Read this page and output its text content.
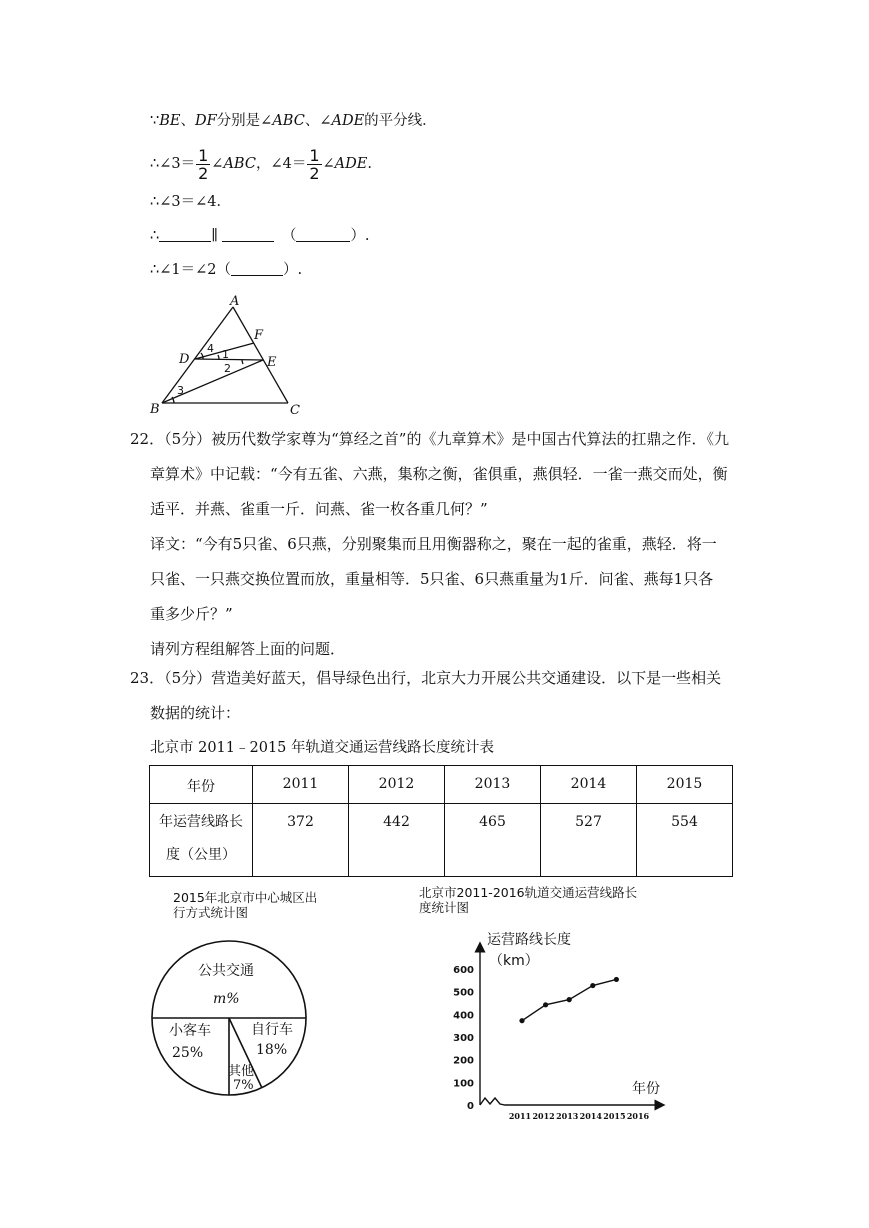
∵BE、DF分别是∠ABC、∠ADE的平分线．
∴∠3＝ $\frac{1}{2}$ ∠ABC，∠4＝ $\frac{1}{2}$ ∠ADE.
∴∠3＝∠4．
∴	∥	（	）.
∴∠1＝∠2（	）.
A
D
F
E
B	C
4 1
2
3
22．（5分）被历代数学家尊为“算经之首”的《九章算术》是中国古代算法的扛鼎之作．《九
章算术》中记载：“今有五雀、六燕，集称之衡，雀俱重，燕俱轻．一雀一燕交而处，衡
适平．并燕、雀重一斤．问燕、雀一枚各重几何？”
译文：“今有5只雀、6只燕，分别聚集而且用衡器称之，聚在一起的雀重，燕轻．将一
只雀、一只燕交换位置而放，重量相等．5只雀、6只燕重量为1斤．问雀、燕每1只各
重多少斤？”
请列方程组解答上面的问题．
23．（5分）营造美好蓝天，倡导绿色出行，北京大力开展公共交通建设．以下是一些相关
数据的统计：
北京市 2011﹣2015 年轨道交通运营线路长度统计表
年份	2011	2012	2013	2014	2015

年运营线路长
度（公里）	372	442	465	527	554
2015年北京市中心城区出
行方式统计图
公共交通
m%
小客车
25%
自行车
18%
其他
7%
北京市2011-2016轨道交通运营线路长
度统计图
运营路线长度
（km）
年份
0
100
200
300
400
500
600
2011 2012 2013 2014 2015 2016
